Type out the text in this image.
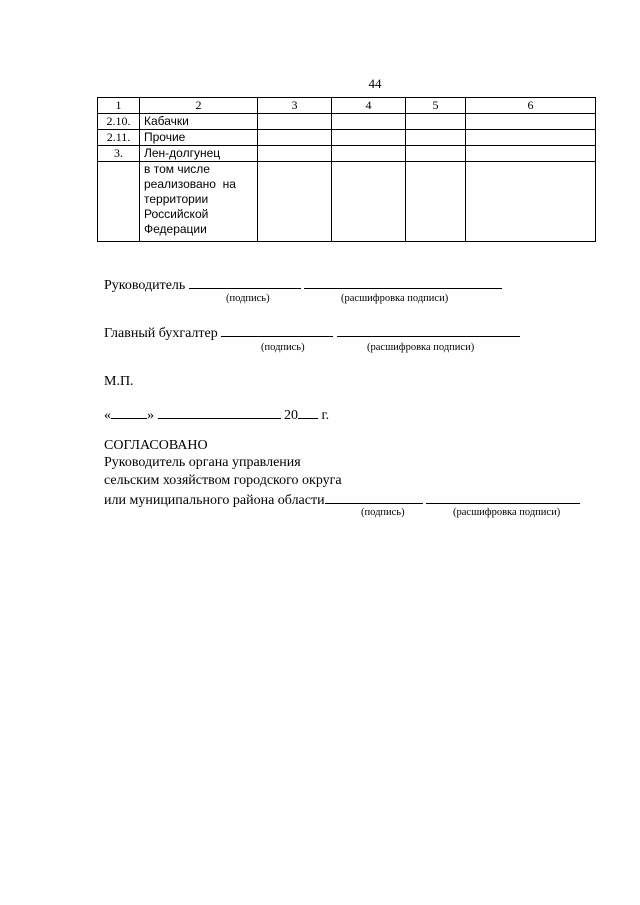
44
1	2	3	4	5	6
2.10.	Кабачки				
2.11.	Прочие				
3.	Лен-долгунец				

	в том числе
реализовано  на
территории
Российской
Федерации				

Руководитель
(подпись)	(расшифровка подписи)
Главный бухгалтер
(подпись)	(расшифровка подписи)
М.П.
«	»	20 г.
СОГЛАСОВАНО
Руководитель органа управления
сельским хозяйством городского округа
или муниципального района области
(подпись)	(расшифровка подписи)
